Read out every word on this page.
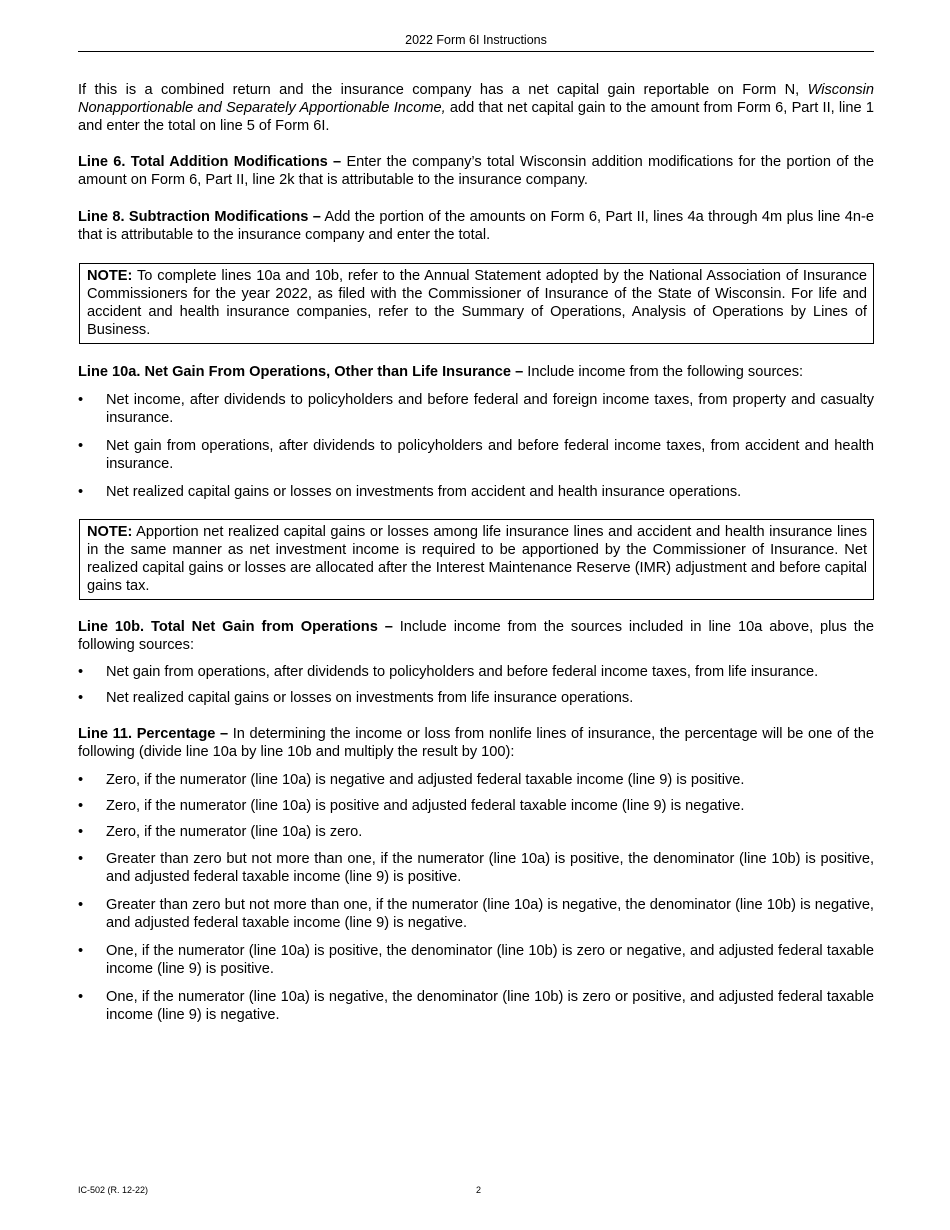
2022 Form 6I Instructions

If this is a combined return and the insurance company has a net capital gain reportable on Form N, Wisconsin Nonapportionable and Separately Apportionable Income, add that net capital gain to the amount from Form 6, Part II, line 1 and enter the total on line 5 of Form 6I.

Line 6. Total Addition Modifications – Enter the company’s total Wisconsin addition modifications for the portion of the amount on Form 6, Part II, line 2k that is attributable to the insurance company.

Line 8. Subtraction Modifications – Add the portion of the amounts on Form 6, Part II, lines 4a through 4m plus line 4n-e that is attributable to the insurance company and enter the total.

NOTE: To complete lines 10a and 10b, refer to the Annual Statement adopted by the National Association of Insurance Commissioners for the year 2022, as filed with the Commissioner of Insurance of the State of Wisconsin. For life and accident and health insurance companies, refer to the Summary of Operations, Analysis of Operations by Lines of Business.

Line 10a. Net Gain From Operations, Other than Life Insurance – Include income from the following sources:

• Net income, after dividends to policyholders and before federal and foreign income taxes, from property and casualty insurance.
• Net gain from operations, after dividends to policyholders and before federal income taxes, from accident and health insurance.
• Net realized capital gains or losses on investments from accident and health insurance operations.
NOTE: Apportion net realized capital gains or losses among life insurance lines and accident and health insurance lines in the same manner as net investment income is required to be apportioned by the Commissioner of Insurance. Net realized capital gains or losses are allocated after the Interest Maintenance Reserve (IMR) adjustment and before capital gains tax.

Line 10b. Total Net Gain from Operations – Include income from the sources included in line 10a above, plus the following sources:

• Net gain from operations, after dividends to policyholders and before federal income taxes, from life insurance.
• Net realized capital gains or losses on investments from life insurance operations.

Line 11. Percentage – In determining the income or loss from nonlife lines of insurance, the percentage will be one of the following (divide line 10a by line 10b and multiply the result by 100):

• Zero, if the numerator (line 10a) is negative and adjusted federal taxable income (line 9) is positive.
• Zero, if the numerator (line 10a) is positive and adjusted federal taxable income (line 9) is negative.
• Zero, if the numerator (line 10a) is zero.
• Greater than zero but not more than one, if the numerator (line 10a) is positive, the denominator (line 10b) is positive, and adjusted federal taxable income (line 9) is positive.
• Greater than zero but not more than one, if the numerator (line 10a) is negative, the denominator (line 10b) is negative, and adjusted federal taxable income (line 9) is negative.
• One, if the numerator (line 10a) is positive, the denominator (line 10b) is zero or negative, and adjusted federal taxable income (line 9) is positive.
• One, if the numerator (line 10a) is negative, the denominator (line 10b) is zero or positive, and adjusted federal taxable income (line 9) is negative.
IC-502 (R. 12-22)	2
